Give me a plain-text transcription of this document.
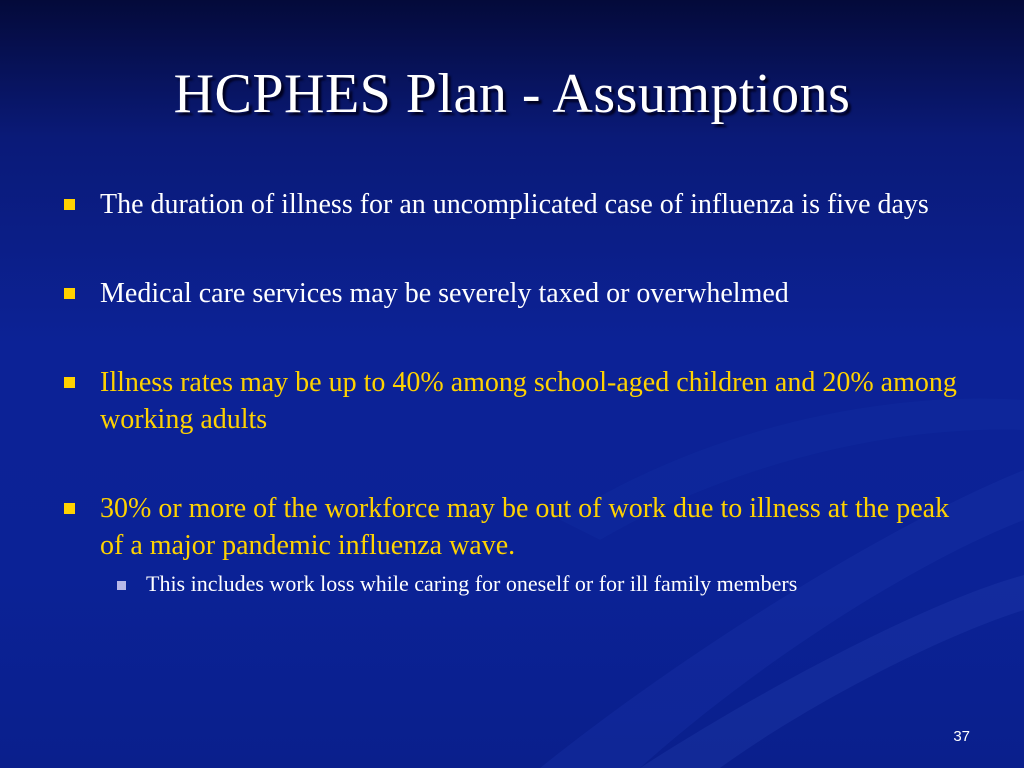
HCPHES Plan - Assumptions
The duration of illness for an uncomplicated case of influenza is five days
Medical care services may be severely taxed or overwhelmed
Illness rates may be up to 40% among school-aged children and 20% among working adults
30% or more of the workforce may be out of work due to illness at the peak of a major pandemic influenza wave.
This includes work loss while caring for oneself or for ill family members
37
